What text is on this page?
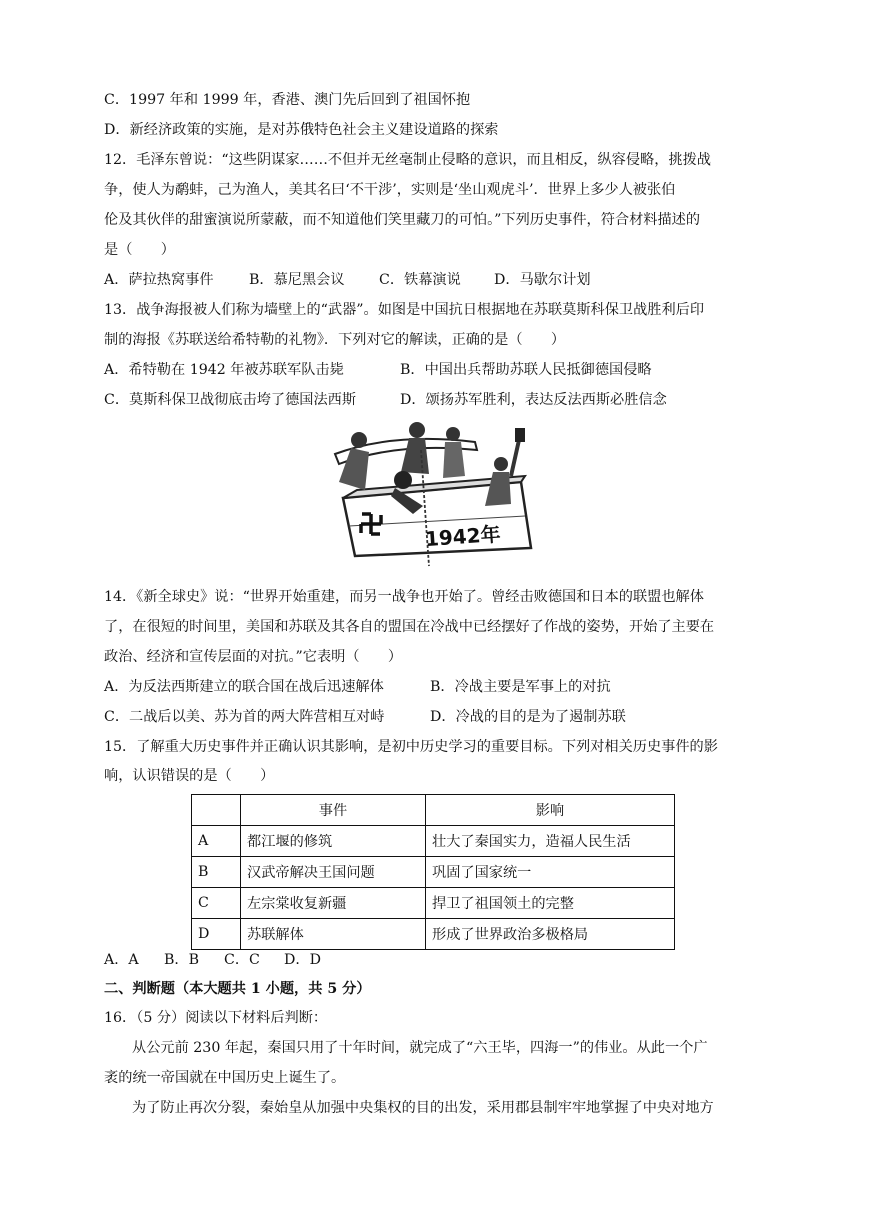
C．1997 年和 1999 年，香港、澳门先后回到了祖国怀抱
D．新经济政策的实施，是对苏俄特色社会主义建设道路的探索
12．毛泽东曾说：“这些阴谋家……不但并无丝毫制止侵略的意识，而且相反，纵容侵略，挑拨战
争，使人为鹬蚌，己为渔人，美其名曰‘不干涉’，实则是‘坐山观虎斗’．世界上多少人被张伯
伦及其伙伴的甜蜜演说所蒙蔽，而不知道他们笑里藏刀的可怕。”下列历史事件，符合材料描述的
是（　　）
A．萨拉热窝事件	B．慕尼黑会议	C．铁幕演说	D．马歇尔计划
13．战争海报被人们称为墙壁上的“武器”。如图是中国抗日根据地在苏联莫斯科保卫战胜利后印
制的海报《苏联送给希特勒的礼物》．下列对它的解读，正确的是（　　）
A．希特勒在 1942 年被苏联军队击毙	B．中国出兵帮助苏联人民抵御德国侵略
C．莫斯科保卫战彻底击垮了德国法西斯	D．颂扬苏军胜利，表达反法西斯必胜信念
1942年
14．《新全球史》说：“世界开始重建，而另一战争也开始了。曾经击败德国和日本的联盟也解体
了，在很短的时间里，美国和苏联及其各自的盟国在冷战中已经摆好了作战的姿势，开始了主要在
政治、经济和宣传层面的对抗。”它表明（　　）
A．为反法西斯建立的联合国在战后迅速解体	B．冷战主要是军事上的对抗
C．二战后以美、苏为首的两大阵营相互对峙	D．冷战的目的是为了遏制苏联
15．了解重大历史事件并正确认识其影响，是初中历史学习的重要目标。下列对相关历史事件的影
响，认识错误的是（　　）
	事件	影响
A	都江堰的修筑	壮大了秦国实力，造福人民生活
B	汉武帝解决王国问题	巩固了国家统一
C	左宗棠收复新疆	捍卫了祖国领土的完整
D	苏联解体	形成了世界政治多极格局
A．A	B．B	C．C	D．D
二、判断题（本大题共 1 小题，共 5 分）
16．（5 分）阅读以下材料后判断：
从公元前 230 年起，秦国只用了十年时间，就完成了“六王毕，四海一”的伟业。从此一个广
袤的统一帝国就在中国历史上诞生了。
为了防止再次分裂，秦始皇从加强中央集权的目的出发，采用郡县制牢牢地掌握了中央对地方
